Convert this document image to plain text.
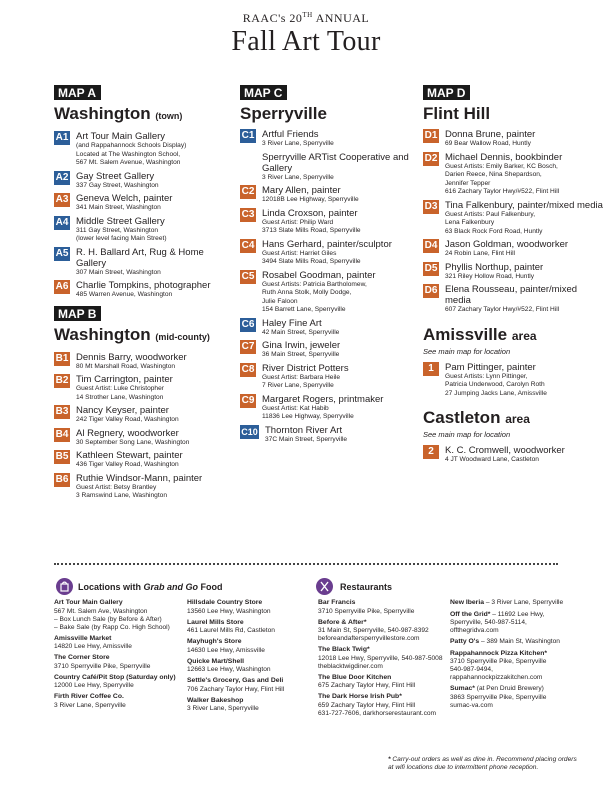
RAAC's 20TH ANNUAL
Fall Art Tour
MAP A
Washington (town)
A1 Art Tour Main Gallery
(and Rappahannock Schools Display)
Located at The Washington School,
567 Mt. Salem Avenue, Washington
A2 Gay Street Gallery
337 Gay Street, Washington
A3 Geneva Welch, painter
341 Main Street, Washington
A4 Middle Street Gallery
311 Gay Street, Washington
(lower level facing Main Street)
A5 R. H. Ballard Art, Rug & Home Gallery
307 Main Street, Washington
A6 Charlie Tompkins, photographer
485 Warren Avenue, Washington
MAP B
Washington (mid-county)
B1 Dennis Barry, woodworker
80 Mt Marshall Road, Washington
B2 Tim Carrington, painter
Guest Artist: Luke Christopher
14 Strother Lane, Washington
B3 Nancy Keyser, painter
242 Tiger Valley Road, Washington
B4 Al Regnery, woodworker
30 September Song Lane, Washington
B5 Kathleen Stewart, painter
436 Tiger Valley Road, Washington
B6 Ruthie Windsor-Mann, painter
Guest Artist: Betsy Brantley
3 Ramswind Lane, Washington
MAP C
Sperryville
C1 Artful Friends
3 River Lane, Sperryville
Sperryville ARTist Cooperative and Gallery
3 River Lane, Sperryville
C2 Mary Allen, painter
12018B Lee Highway, Sperryville
C3 Linda Croxson, painter
Guest Artist: Philip Ward
3713 Slate Mills Road, Sperryville
C4 Hans Gerhard, painter/sculptor
Guest Artist: Harriet Giles
3494 Slate Mills Road, Sperryville
C5 Rosabel Goodman, painter
Guest Artists: Patricia Bartholomew,
Ruth Anna Stolk, Molly Dodge,
Julie Faloon
154 Barrett Lane, Sperryville
C6 Haley Fine Art
42 Main Street, Sperryville
C7 Gina Irwin, jeweler
36 Main Street, Sperryville
C8 River District Potters
Guest Artist: Barbara Heile
7 River Lane, Sperryville
C9 Margaret Rogers, printmaker
Guest Artist: Kat Habib
11836 Lee Highway, Sperryville
C10 Thornton River Art
37C Main Street, Sperryville
MAP D
Flint Hill
D1 Donna Brune, painter
69 Bear Wallow Road, Huntly
D2 Michael Dennis, bookbinder
Guest Artists: Emily Barker, KC Bosch,
Darien Reece, Nina Shepardson,
Jennifer Tepper
616 Zachary Taylor Hwy/#522, Flint Hill
D3 Tina Falkenbury, painter/mixed media
Guest Artists: Paul Falkenbury,
Lena Falkenbury
63 Black Rock Ford Road, Huntly
D4 Jason Goldman, woodworker
24 Robin Lane, Flint Hill
D5 Phyllis Northup, painter
321 Riley Hollow Road, Huntly
D6 Elena Rousseau, painter/mixed media
607 Zachary Taylor Hwy/#522, Flint Hill
Amissville area
See main map for location
1	Pam Pittinger, painter
Guest Artists: Lynn Pittinger,
Patricia Underwood, Carolyn Roth
27 Jumping Jacks Lane, Amissville
Castleton area
See main map for location
2	K. C. Cromwell, woodworker
4 JT Woodward Lane, Castleton
Locations with Grab and Go Food
Art Tour Main Gallery
567 Mt. Salem Ave, Washington
– Box Lunch Sale (by Before & After)
– Bake Sale (by Rapp Co. High School)
Amissville Market
14820 Lee Hwy, Amissville
The Corner Store
3710 Sperryville Pike, Sperryville
Country Café/Pit Stop (Saturday only)
12000 Lee Hwy, Sperryville
Firth River Coffee Co.
3 River Lane, Sperryville
Hillsdale Country Store
13560 Lee Hwy, Washington
Laurel Mills Store
461 Laurel Mills Rd, Castleton
Mayhugh's Store
14630 Lee Hwy, Amissville
Quicke Mart/Shell
12663 Lee Hwy, Washington
Settle's Grocery, Gas and Deli
706 Zachary Taylor Hwy, Flint Hill
Walker Bakeshop
3 River Lane, Sperryville
Restaurants
Bar Francis
3710 Sperryville Pike, Sperryville
Before & After*
31 Main St, Sperryville, 540-987-8392
beforeandaftersperryvillestore.com
The Black Twig*
12018 Lee Hwy, Sperryville, 540-987-5008
theblacktwigdiner.com
The Blue Door Kitchen
675 Zachary Taylor Hwy, Flint Hill
The Dark Horse Irish Pub*
659 Zachary Taylor Hwy, Flint Hill
631-727-7606, darkhorserestaurant.com
New Iberia – 3 River Lane, Sperryville
Off the Grid* – 11692 Lee Hwy,
Sperryville, 540-987-5114,
offthegridva.com
Patty O's – 389 Main St, Washington
Rappahannock Pizza Kitchen*
3710 Sperryville Pike, Sperryville
540-987-9494,
rappahannockpizzakitchen.com
Sumac* (at Pen Druid Brewery)
3863 Sperryville Pike, Sperryville
sumac-va.com
* Carry-out orders as well as dine in. Recommend placing orders at wifi locations due to intermittent phone reception.
